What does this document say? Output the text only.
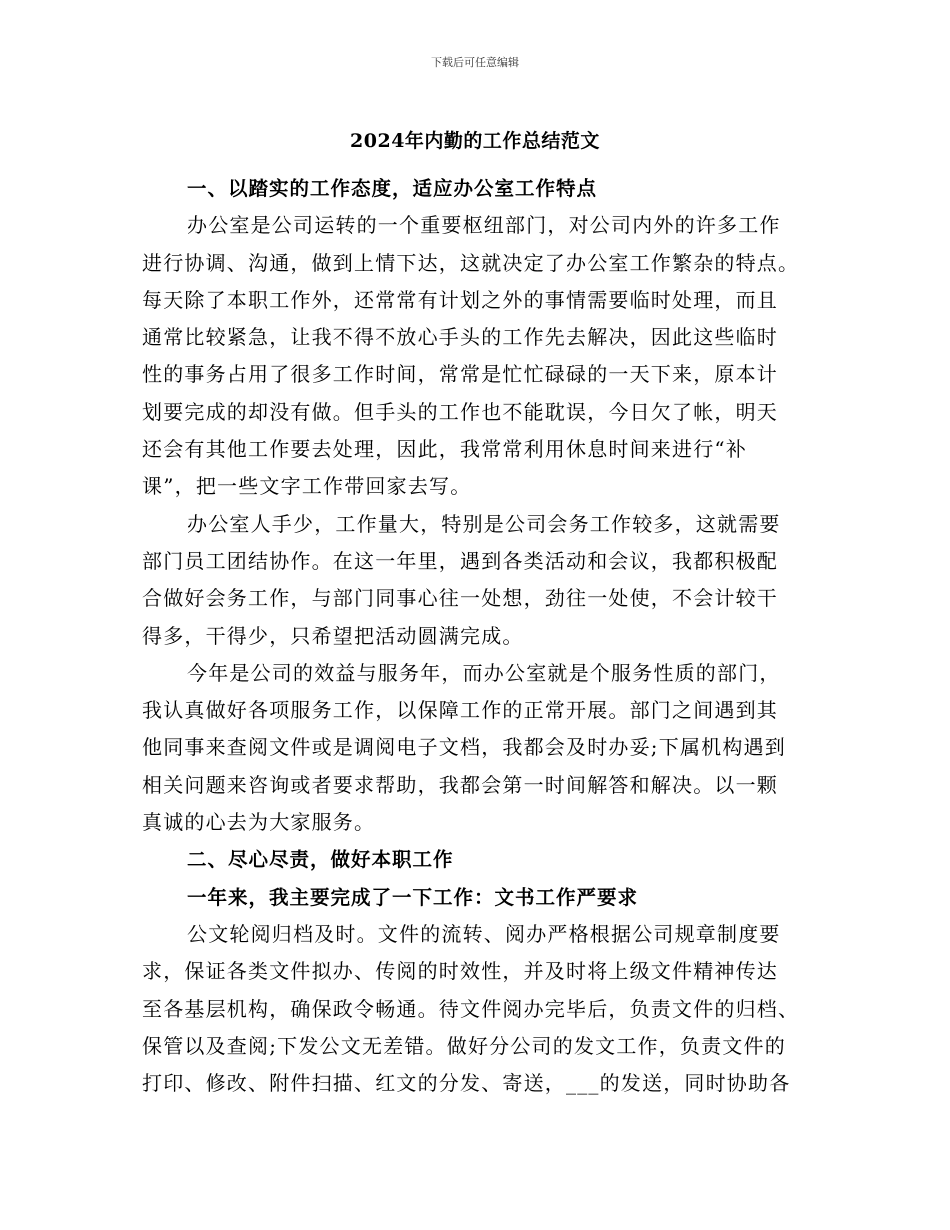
下载后可任意编辑
2024年内勤的工作总结范文
一、以踏实的工作态度，适应办公室工作特点
办公室是公司运转的一个重要枢纽部门，对公司内外的许多工作
进行协调、沟通，做到上情下达，这就决定了办公室工作繁杂的特点。
每天除了本职工作外，还常常有计划之外的事情需要临时处理，而且
通常比较紧急，让我不得不放心手头的工作先去解决，因此这些临时
性的事务占用了很多工作时间，常常是忙忙碌碌的一天下来，原本计
划要完成的却没有做。但手头的工作也不能耽误，今日欠了帐，明天
还会有其他工作要去处理，因此，我常常利用休息时间来进行“补
课”，把一些文字工作带回家去写。
办公室人手少，工作量大，特别是公司会务工作较多，这就需要
部门员工团结协作。在这一年里，遇到各类活动和会议，我都积极配
合做好会务工作，与部门同事心往一处想，劲往一处使，不会计较干
得多，干得少，只希望把活动圆满完成。
今年是公司的效益与服务年，而办公室就是个服务性质的部门，
我认真做好各项服务工作，以保障工作的正常开展。部门之间遇到其
他同事来查阅文件或是调阅电子文档，我都会及时办妥;下属机构遇到
相关问题来咨询或者要求帮助，我都会第一时间解答和解决。以一颗
真诚的心去为大家服务。
二、尽心尽责，做好本职工作
一年来，我主要完成了一下工作：文书工作严要求
公文轮阅归档及时。文件的流转、阅办严格根据公司规章制度要
求，保证各类文件拟办、传阅的时效性，并及时将上级文件精神传达
至各基层机构，确保政令畅通。待文件阅办完毕后，负责文件的归档、
保管以及查阅;下发公文无差错。做好分公司的发文工作，负责文件的
打印、修改、附件扫描、红文的分发、寄送，___的发送，同时协助各
